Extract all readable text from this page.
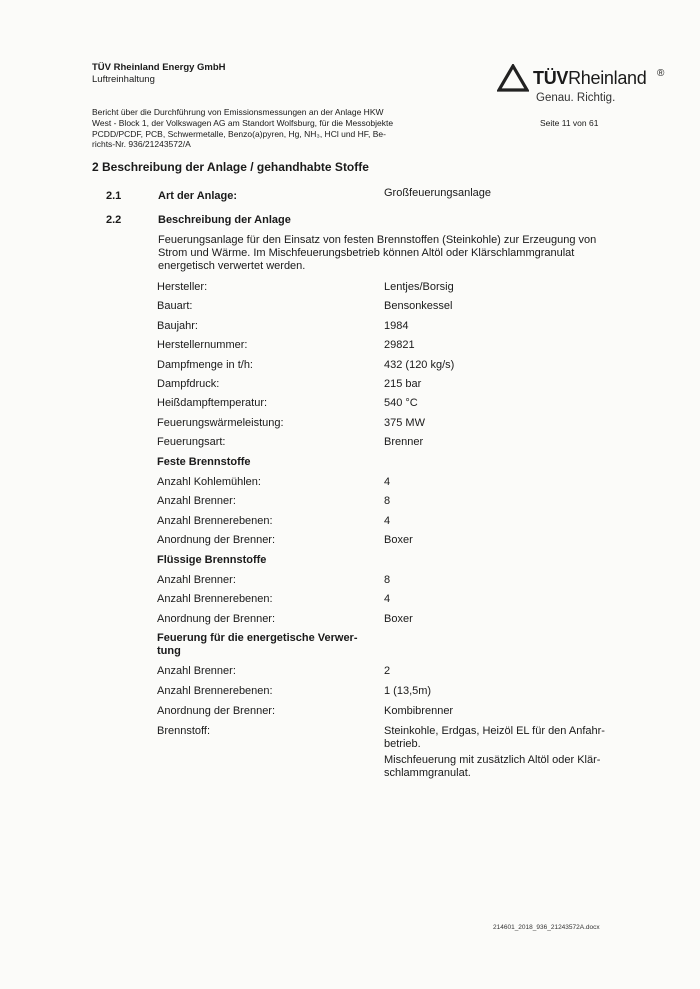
TÜV Rheinland Energy GmbH
Luftreinhaltung	TÜVRheinland ®
Genau. Richtig.
Bericht über die Durchführung von Emissionsmessungen an der Anlage HKW
West - Block 1, der Volkswagen AG am Standort Wolfsburg, für die Messobjekte
PCDD/PCDF, PCB, Schwermetalle, Benzo(a)pyren, Hg, NH₃, HCl und HF, Be-
richts-Nr. 936/21243572/A
Seite 11 von 61
2 Beschreibung der Anlage / gehandhabte Stoffe
2.1	Art der Anlage:	Großfeuerungsanlage
2.2	Beschreibung der Anlage
Feuerungsanlage für den Einsatz von festen Brennstoffen (Steinkohle) zur Erzeugung von Strom und Wärme. Im Mischfeuerungsbetrieb können Altöl oder Klärschlammgranulat energetisch verwertet werden.
Hersteller:	Lentjes/Borsig
Bauart:	Bensonkessel
Baujahr:	1984
Herstellernummer:	29821
Dampfmenge in t/h:	432 (120 kg/s)
Dampfdruck:	215 bar
Heißdampftemperatur:	540 °C
Feuerungswärmeleistung:	375 MW
Feuerungsart:	Brenner
Feste Brennstoffe
Anzahl Kohlemühlen:	4
Anzahl Brenner:	8
Anzahl Brennerebenen:	4
Anordnung der Brenner:	Boxer
Flüssige Brennstoffe
Anzahl Brenner:	8
Anzahl Brennerebenen:	4
Anordnung der Brenner:	Boxer
Feuerung für die energetische Verwer-
tung
Anzahl Brenner:	2
Anzahl Brennerebenen:	1 (13,5m)
Anordnung der Brenner:	Kombibrenner
Brennstoff:	Steinkohle, Erdgas, Heizöl EL für den Anfahr-
betrieb.
Mischfeuerung mit zusätzlich Altöl oder Klär-
schlammgranulat.
214601_2018_936_21243572A.docx
